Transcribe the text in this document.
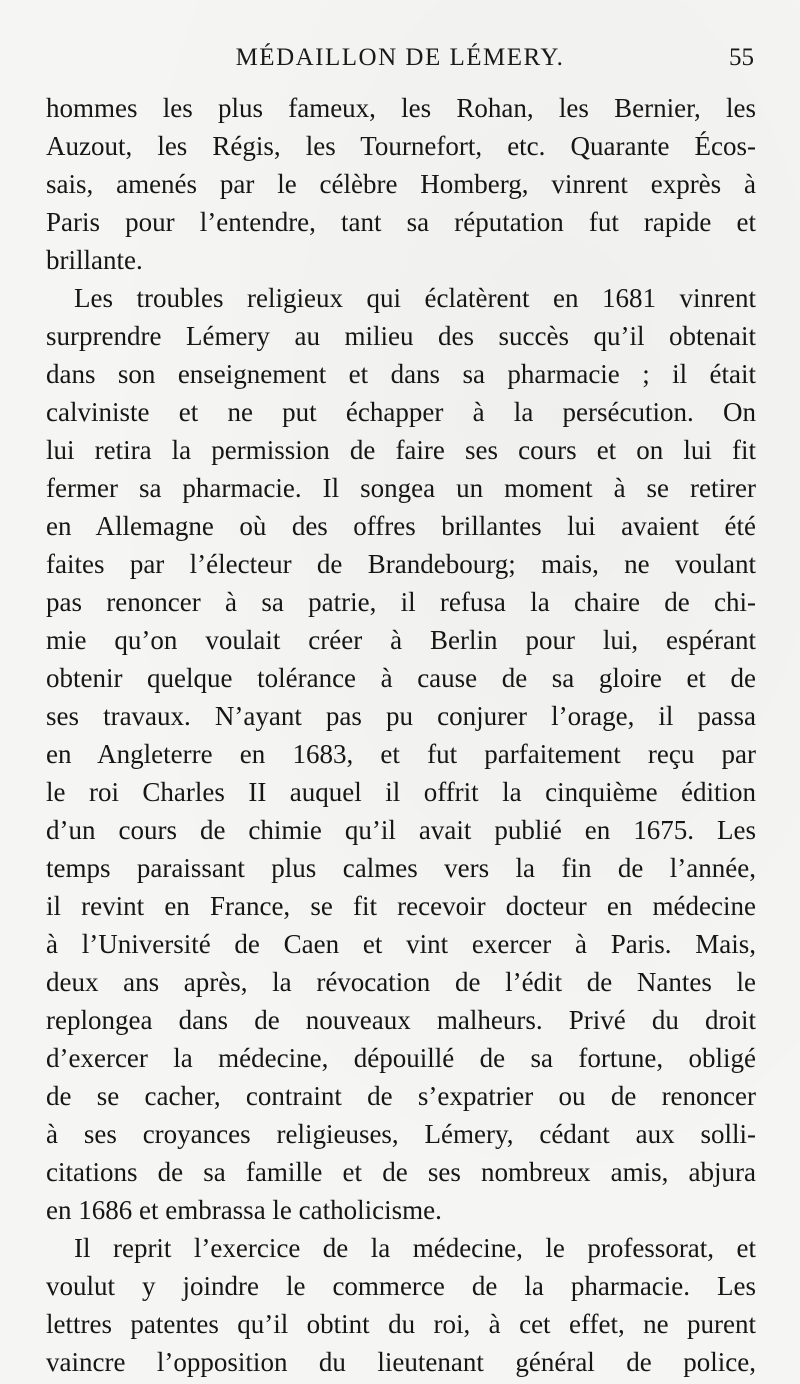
MÉDAILLON DE LÉMERY.	55
hommes les plus fameux, les Rohan, les Bernier, les
Auzout, les Régis, les Tournefort, etc. Quarante Écos-
sais, amenés par le célèbre Homberg, vinrent exprès à
Paris pour l’entendre, tant sa réputation fut rapide et
brillante.
Les troubles religieux qui éclatèrent en 1681 vinrent
surprendre Lémery au milieu des succès qu’il obtenait
dans son enseignement et dans sa pharmacie ; il était
calviniste et ne put échapper à la persécution. On
lui retira la permission de faire ses cours et on lui fit
fermer sa pharmacie. Il songea un moment à se retirer
en Allemagne où des offres brillantes lui avaient été
faites par l’électeur de Brandebourg; mais, ne voulant
pas renoncer à sa patrie, il refusa la chaire de chi-
mie qu’on voulait créer à Berlin pour lui, espérant
obtenir quelque tolérance à cause de sa gloire et de
ses travaux. N’ayant pas pu conjurer l’orage, il passa
en Angleterre en 1683, et fut parfaitement reçu par
le roi Charles II auquel il offrit la cinquième édition
d’un cours de chimie qu’il avait publié en 1675. Les
temps paraissant plus calmes vers la fin de l’année,
il revint en France, se fit recevoir docteur en médecine
à l’Université de Caen et vint exercer à Paris. Mais,
deux ans après, la révocation de l’édit de Nantes le
replongea dans de nouveaux malheurs. Privé du droit
d’exercer la médecine, dépouillé de sa fortune, obligé
de se cacher, contraint de s’expatrier ou de renoncer
à ses croyances religieuses, Lémery, cédant aux solli-
citations de sa famille et de ses nombreux amis, abjura
en 1686 et embrassa le catholicisme.
Il reprit l’exercice de la médecine, le professorat, et
voulut y joindre le commerce de la pharmacie. Les
lettres patentes qu’il obtint du roi, à cet effet, ne purent
vaincre l’opposition du lieutenant général de police,
